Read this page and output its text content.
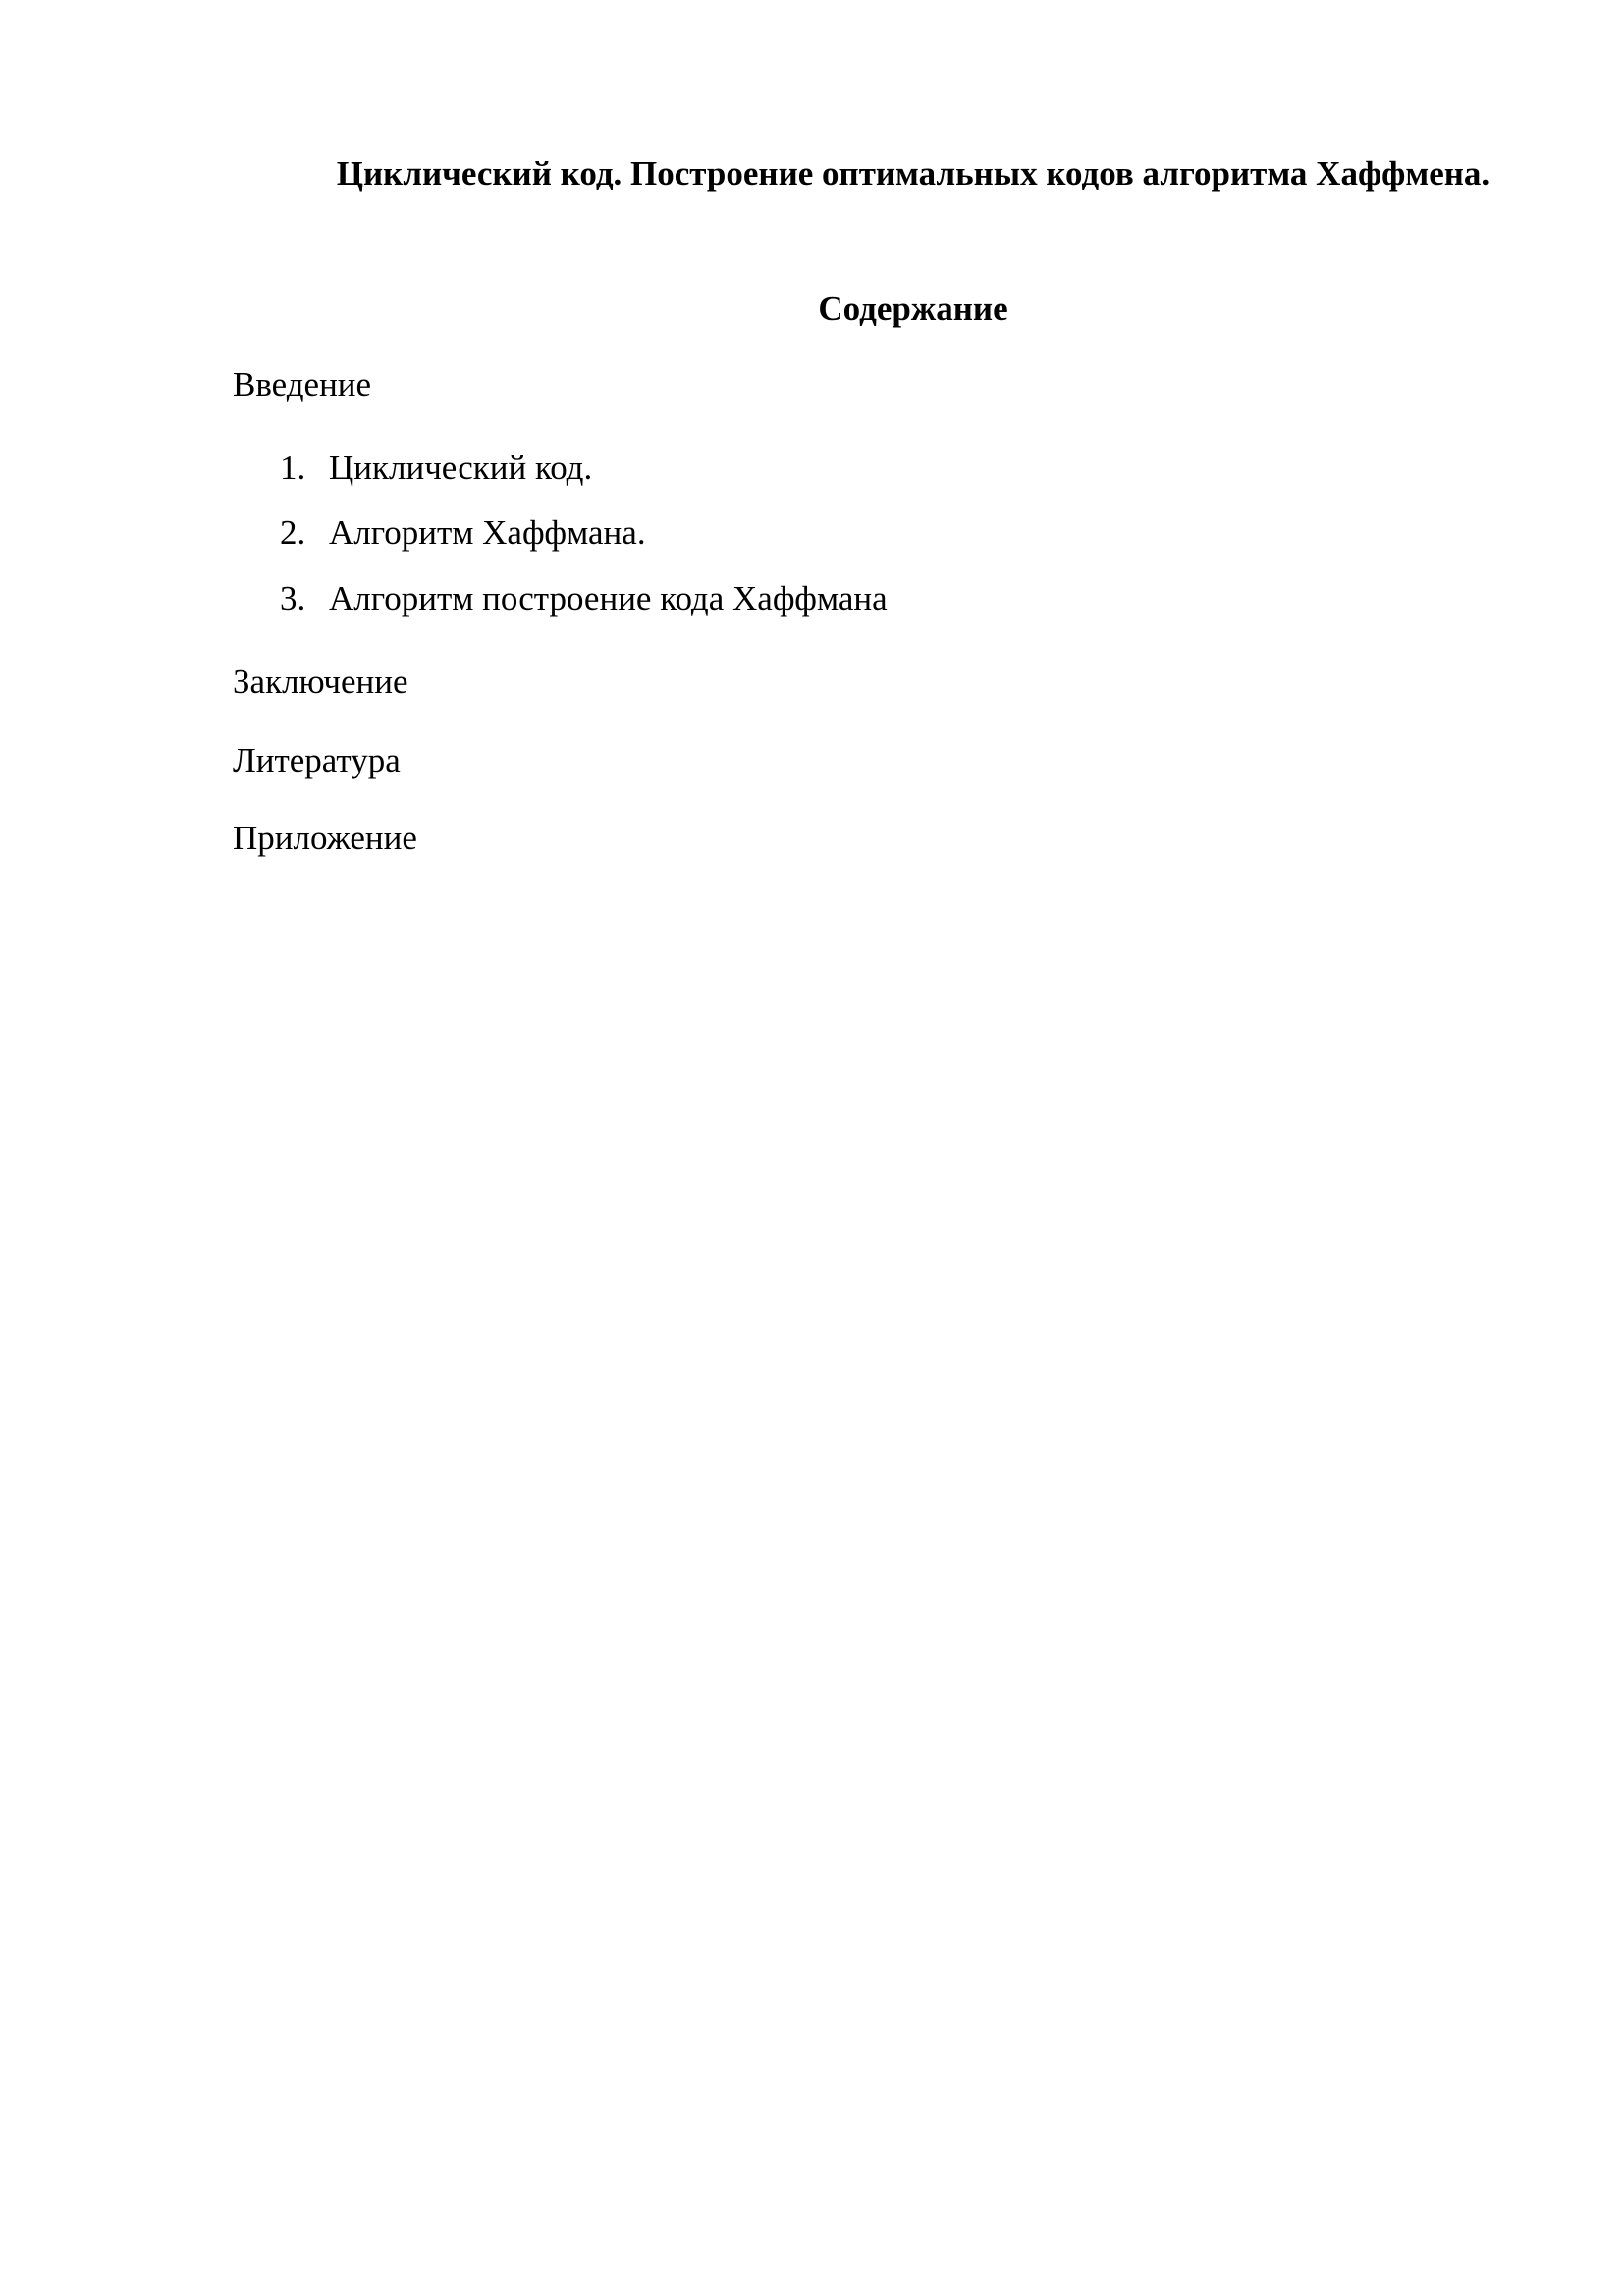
Циклический код. Построение оптимальных кодов алгоритма Хаффмена.
Содержание

Введение

1. Циклический код.
2. Алгоритм Хаффмана.
3. Алгоритм построение кода Хаффмана

Заключение

Литература

Приложение
